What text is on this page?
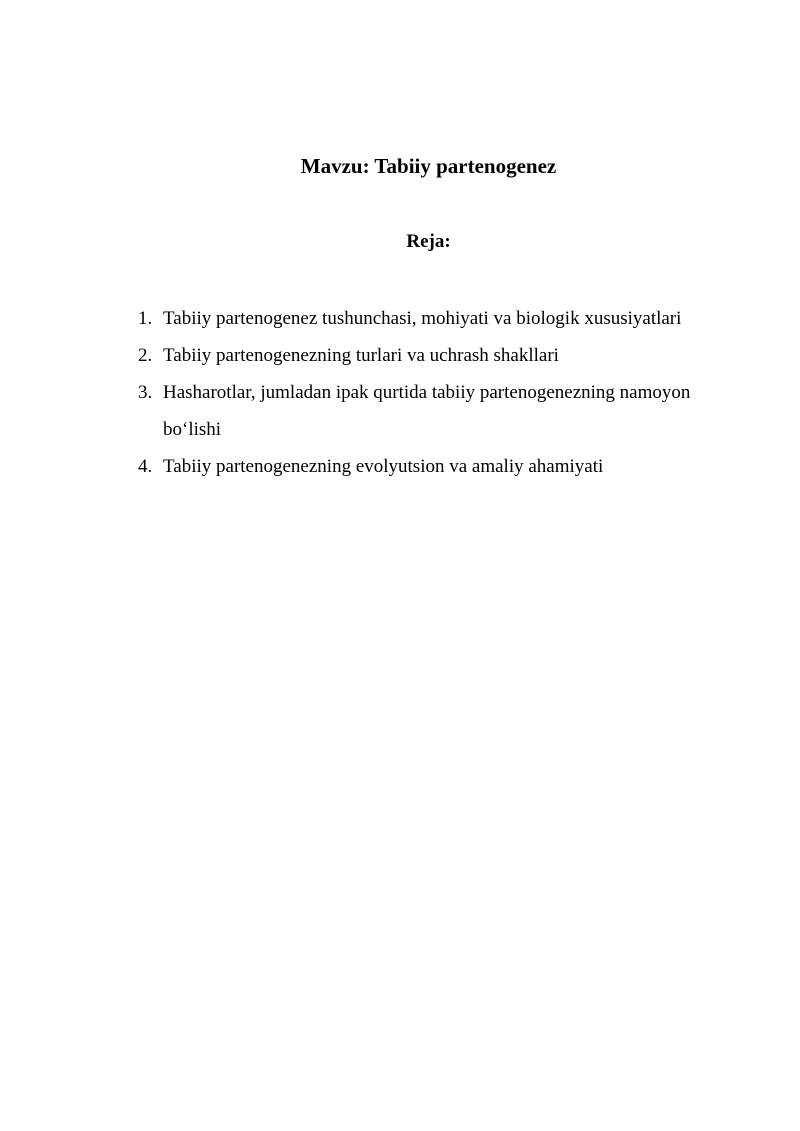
Mavzu: Tabiiy partenogenez
Reja:
1. Tabiiy partenogenez tushunchasi, mohiyati va biologik xususiyatlari
2. Tabiiy partenogenezning turlari va uchrash shakllari
3. Hasharotlar, jumladan ipak qurtida tabiiy partenogenezning namoyon bo‘lishi
4. Tabiiy partenogenezning evolyutsion va amaliy ahamiyati
